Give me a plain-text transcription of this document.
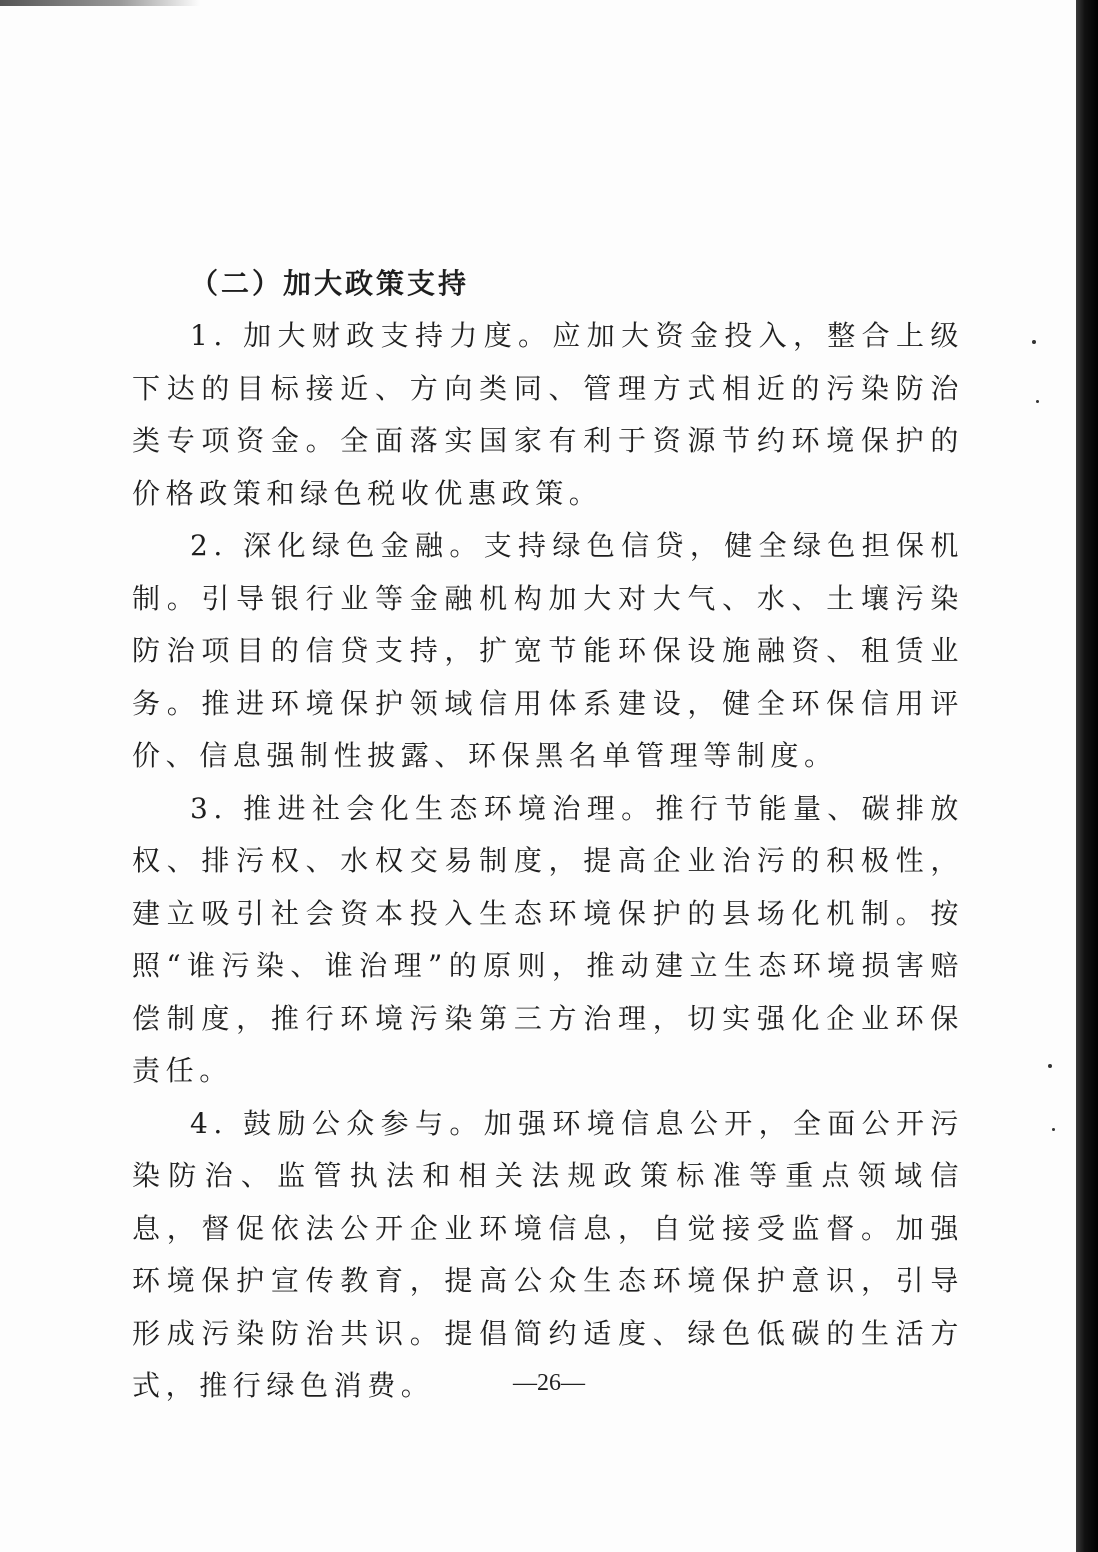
（二）加大政策支持

1. 加大财政支持力度。应加大资金投入，整合上级下达的目标接近、方向类同、管理方式相近的污染防治类专项资金。全面落实国家有利于资源节约环境保护的价格政策和绿色税收优惠政策。

2. 深化绿色金融。支持绿色信贷，健全绿色担保机制。引导银行业等金融机构加大对大气、水、土壤污染防治项目的信贷支持，扩宽节能环保设施融资、租赁业务。推进环境保护领域信用体系建设，健全环保信用评价、信息强制性披露、环保黑名单管理等制度。

3. 推进社会化生态环境治理。推行节能量、碳排放权、排污权、水权交易制度，提高企业治污的积极性，建立吸引社会资本投入生态环境保护的县场化机制。按照“谁污染、谁治理”的原则，推动建立生态环境损害赔偿制度，推行环境污染第三方治理，切实强化企业环保责任。

4. 鼓励公众参与。加强环境信息公开，全面公开污染防治、监管执法和相关法规政策标准等重点领域信息，督促依法公开企业环境信息，自觉接受监督。加强环境保护宣传教育，提高公众生态环境保护意识，引导形成污染防治共识。提倡简约适度、绿色低碳的生活方式，推行绿色消费。	—26—
